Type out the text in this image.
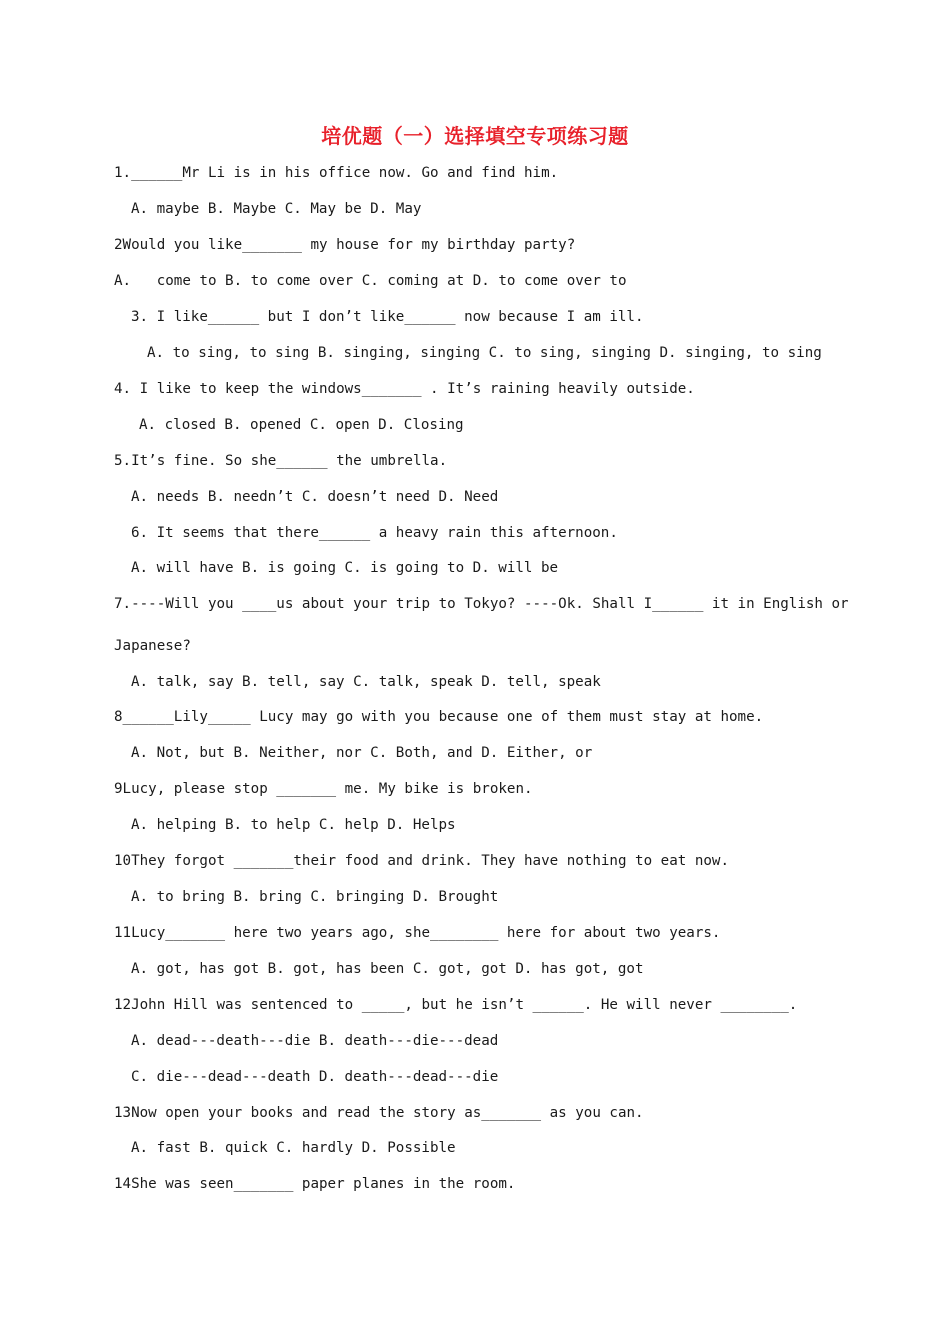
培优题（一）选择填空专项练习题
1.______Mr Li is in his office now. Go and find him.
A. maybe B. Maybe C. May be D. May
2Would you like_______ my house for my birthday party?
A.   come to B. to come over C. coming at D. to come over to
3. I like______ but I don’t like______ now because I am ill.
A. to sing, to sing B. singing, singing C. to sing, singing D. singing, to sing
4. I like to keep the windows_______ . It’s raining heavily outside.
A. closed B. opened C. open D. Closing
5.It’s fine. So she______ the umbrella.
A. needs B. needn’t C. doesn’t need D. Need
6. It seems that there______ a heavy rain this afternoon.
A. will have B. is going C. is going to D. will be
7.----Will you ____us about your trip to Tokyo? ----Ok. Shall I______ it in English or
Japanese?
A. talk, say B. tell, say C. talk, speak D. tell, speak
8______Lily_____ Lucy may go with you because one of them must stay at home.
A. Not, but B. Neither, nor C. Both, and D. Either, or
9Lucy, please stop _______ me. My bike is broken.
A. helping B. to help C. help D. Helps
10They forgot _______their food and drink. They have nothing to eat now.
A. to bring B. bring C. bringing D. Brought
11Lucy_______ here two years ago, she________ here for about two years.
A. got, has got B. got, has been C. got, got D. has got, got
12John Hill was sentenced to _____, but he isn’t ______. He will never ________.
A. dead---death---die B. death---die---dead
C. die---dead---death D. death---dead---die
13Now open your books and read the story as_______ as you can.
A. fast B. quick C. hardly D. Possible
14She was seen_______ paper planes in the room.
